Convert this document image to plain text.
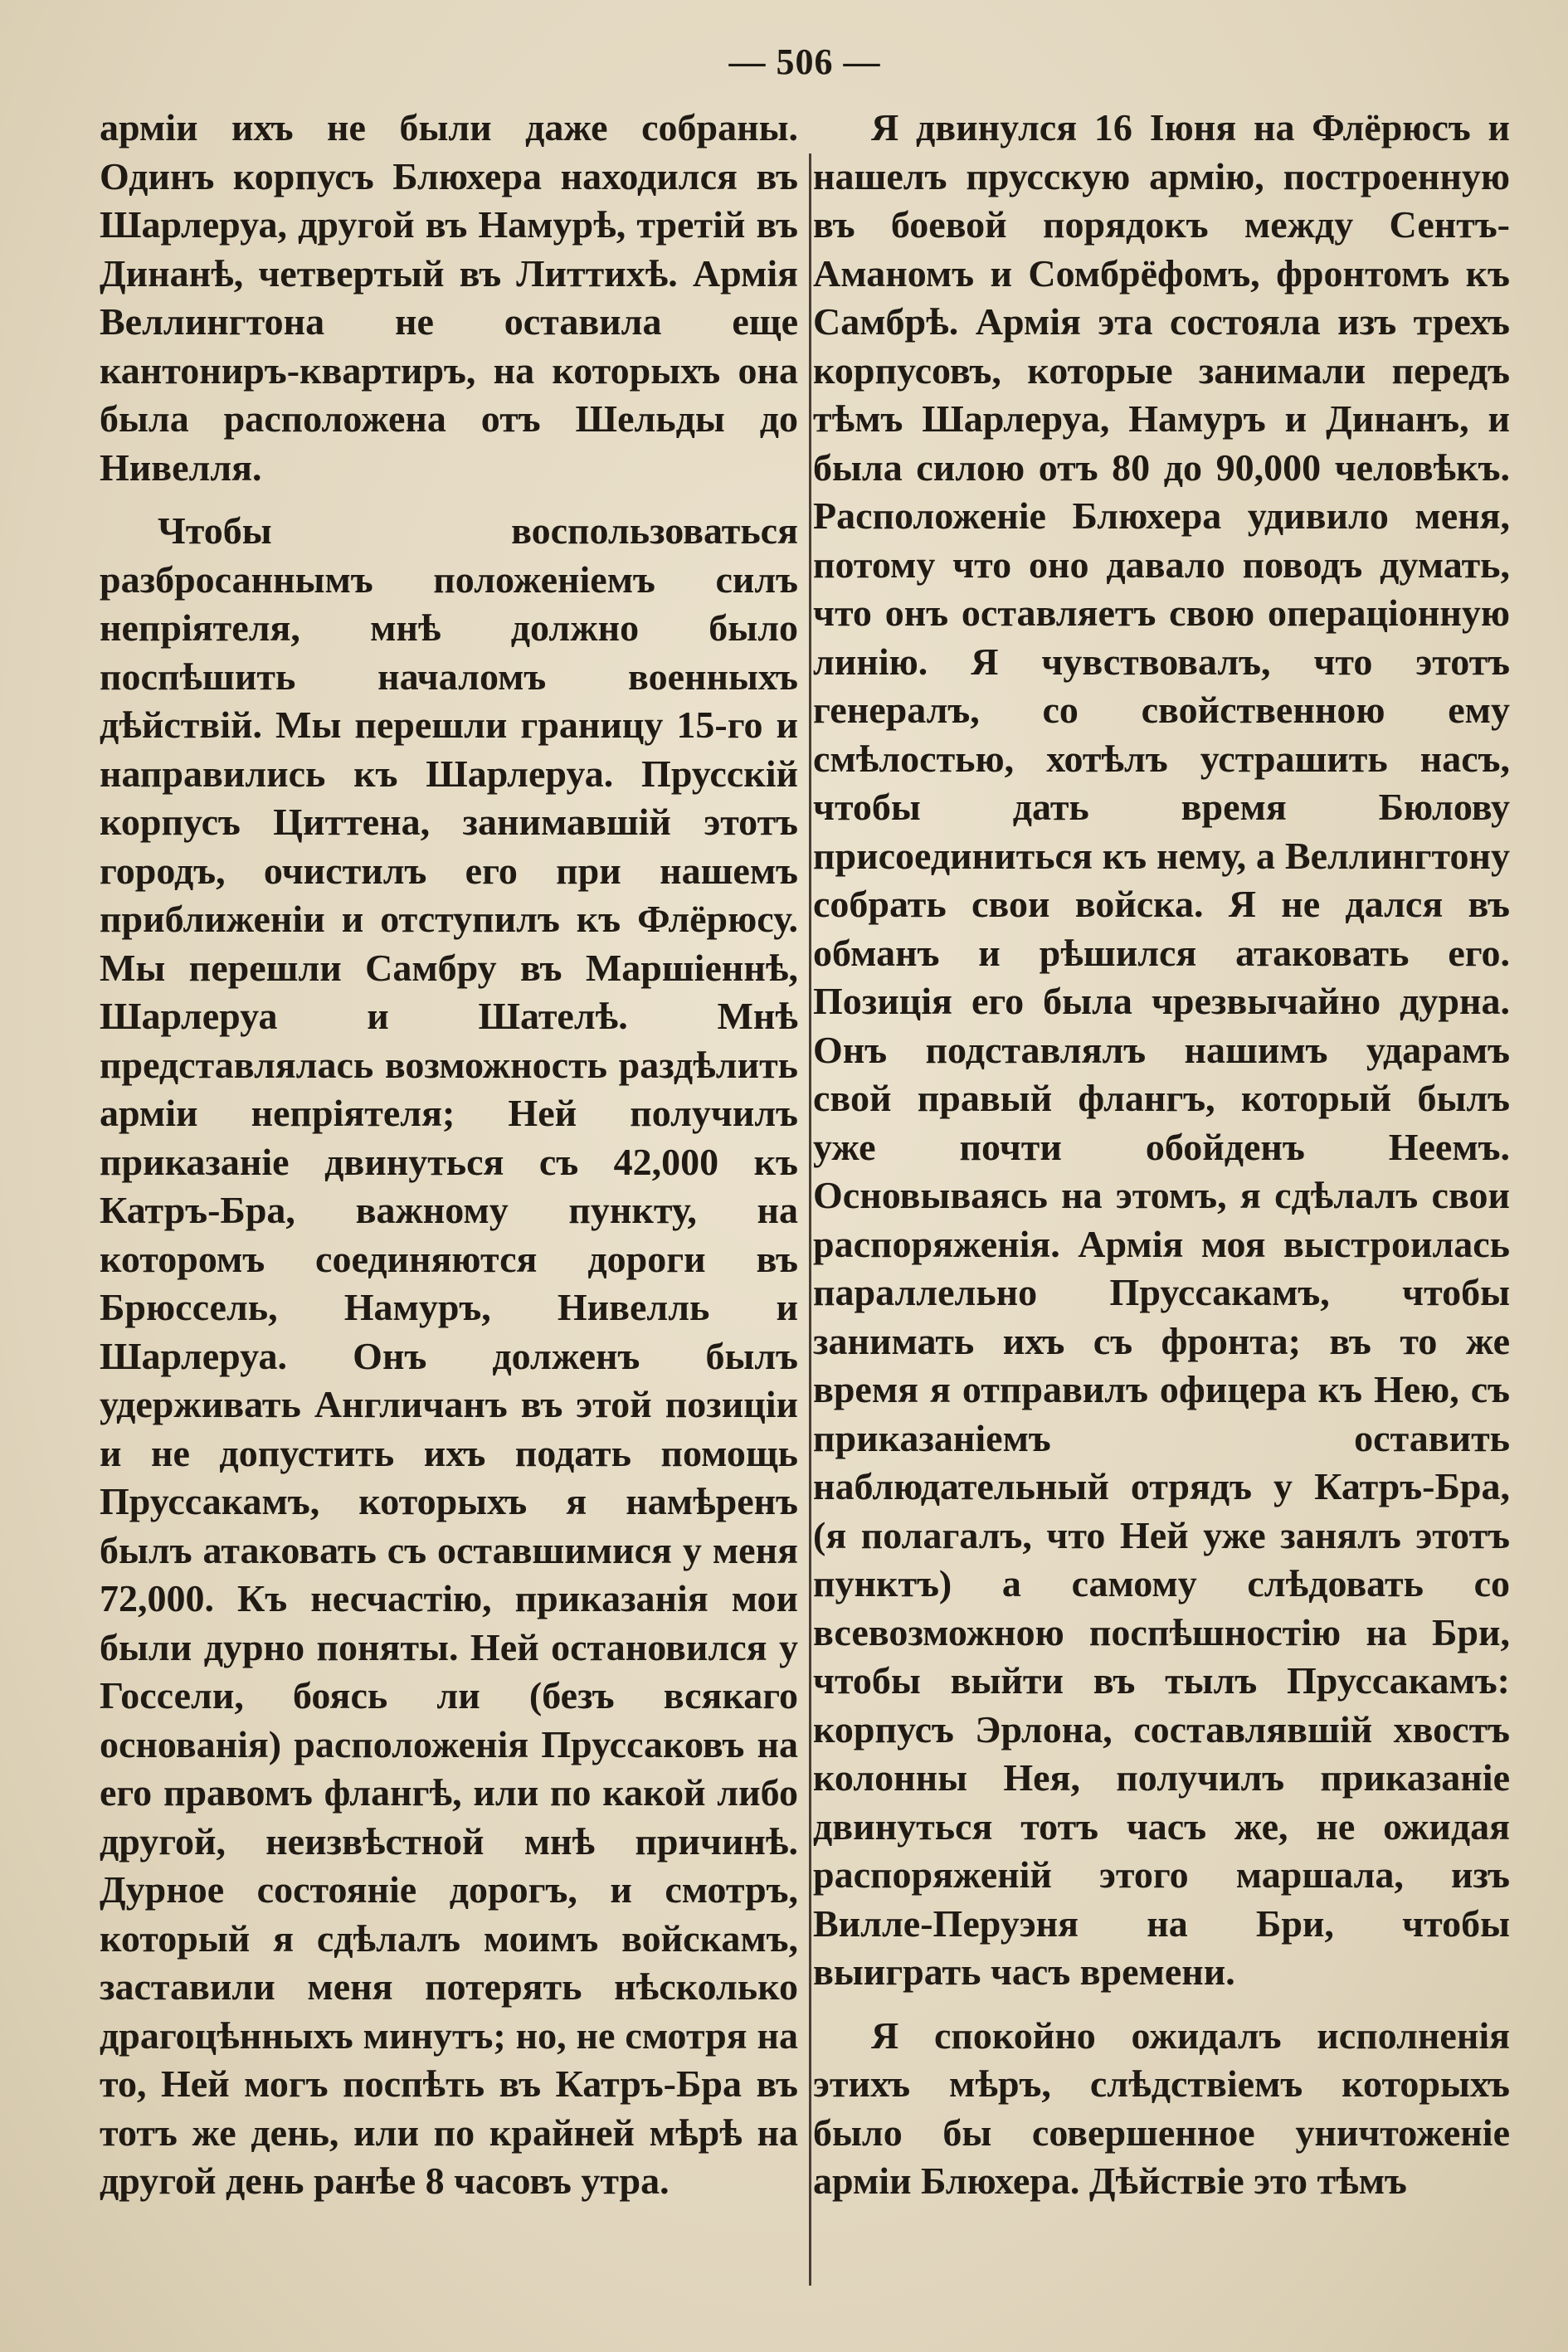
— 506 —

арміи ихъ не были даже собраны. Одинъ корпусъ Блюхера находился въ Шарлеруа, другой въ Намурѣ, третій въ Динанѣ, четвертый въ Литтихѣ. Армія Веллингтона не оставила еще кантониръ-квартиръ, на которыхъ она была расположена отъ Шельды до Нивелля.

Чтобы воспользоваться разбросаннымъ положеніемъ силъ непріятеля, мнѣ должно было поспѣшить началомъ военныхъ дѣйствій. Мы перешли границу 15-го и направились къ Шарлеруа. Прусскій корпусъ Циттена, занимавшій этотъ городъ, очистилъ его при нашемъ приближеніи и отступилъ къ Флёрюсу. Мы перешли Самбру въ Маршіеннѣ, Шарлеруа и Шателѣ. Мнѣ представлялась возможность раздѣлить арміи непріятеля; Ней получилъ приказаніе двинуться съ 42,000 къ Катръ-Бра, важному пункту, на которомъ соединяются дороги въ Брюссель, Намуръ, Нивелль и Шарлеруа. Онъ долженъ былъ удерживать Англичанъ въ этой позиціи и не допустить ихъ подать помощь Пруссакамъ, которыхъ я намѣренъ былъ атаковать съ оставшимися у меня 72,000. Къ несчастію, приказанія мои были дурно поняты. Ней остановился у Госсели, боясь ли (безъ всякаго основанія) расположенія Пруссаковъ на его правомъ флангѣ, или по какой либо другой, неизвѣстной мнѣ причинѣ. Дурное состояніе дорогъ, и смотръ, который я сдѣлалъ моимъ войскамъ, заставили меня потерять нѣсколько драгоцѣнныхъ минутъ; но, не смотря на то, Ней могъ поспѣть въ Катръ-Бра въ тотъ же день, или по крайней мѣрѣ на другой день ранѣе 8 часовъ утра.

Я двинулся 16 Іюня на Флёрюсъ и нашелъ прусскую армію, построенную въ боевой порядокъ между Сентъ-Аманомъ и Сомбрёфомъ, фронтомъ къ Самбрѣ. Армія эта состояла изъ трехъ корпусовъ, которые занимали передъ тѣмъ Шарлеруа, Намуръ и Динанъ, и была силою отъ 80 до 90,000 человѣкъ. Расположеніе Блюхера удивило меня, потому что оно давало поводъ думать, что онъ оставляетъ свою операціонную линію. Я чувствовалъ, что этотъ генералъ, со свойственною ему смѣлостью, хотѣлъ устрашить насъ, чтобы дать время Бюлову присоединиться къ нему, а Веллингтону собрать свои войска. Я не дался въ обманъ и рѣшился атаковать его. Позиція его была чрезвычайно дурна. Онъ подставлялъ нашимъ ударамъ свой правый флангъ, который былъ уже почти обойденъ Неемъ. Основываясь на этомъ, я сдѣлалъ свои распоряженія. Армія моя выстроилась параллельно Пруссакамъ, чтобы занимать ихъ съ фронта; въ то же время я отправилъ офицера къ Нею, съ приказаніемъ оставить наблюдательный отрядъ у Катръ-Бра, (я полагалъ, что Ней уже занялъ этотъ пунктъ) а самому слѣдовать со всевозможною поспѣшностію на Бри, чтобы выйти въ тылъ Пруссакамъ: корпусъ Эрлона, составлявшій хвостъ колонны Нея, получилъ приказаніе двинуться тотъ часъ же, не ожидая распоряженій этого маршала, изъ Вилле-Перуэня на Бри, чтобы выиграть часъ времени.

Я спокойно ожидалъ исполненія этихъ мѣръ, слѣдствіемъ которыхъ было бы совершенное уничтоженіе арміи Блюхера. Дѣйствіе это тѣмъ
